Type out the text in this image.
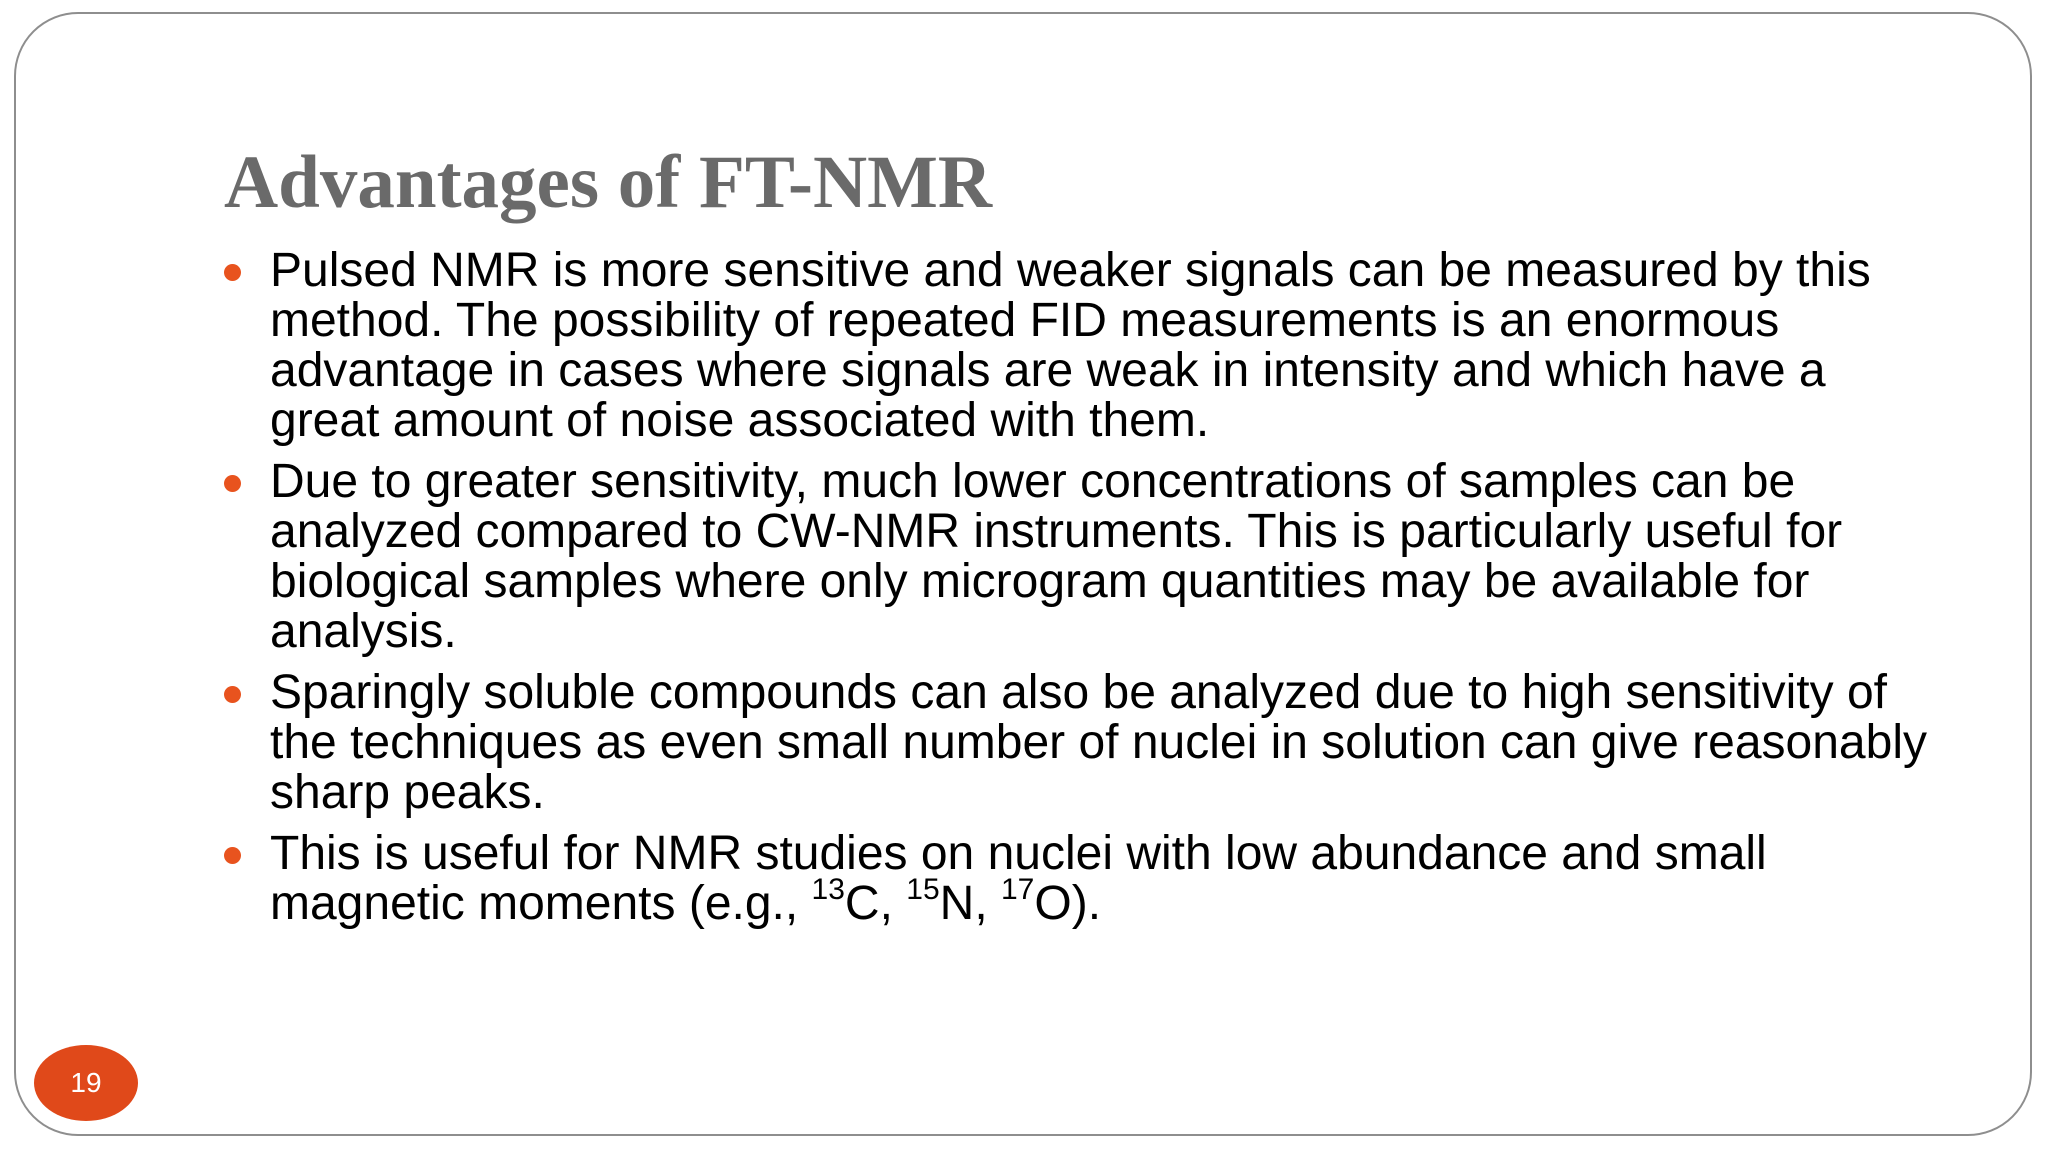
Advantages of FT-NMR
Pulsed NMR is more sensitive and weaker signals can be measured by this method. The possibility of repeated FID measurements is an enormous advantage in cases where signals are weak in intensity and which have a great amount of noise associated with them.
Due to greater sensitivity, much lower concentrations of samples can be analyzed compared to CW-NMR instruments. This is particularly useful for biological samples where only microgram quantities may be available for analysis.
Sparingly soluble compounds can also be analyzed due to high sensitivity of the techniques as even small number of nuclei in solution can give reasonably sharp peaks.
This is useful for NMR studies on nuclei with low abundance and small magnetic moments (e.g., $^{13}$C, $^{15}$N, $^{17}$O).
19
